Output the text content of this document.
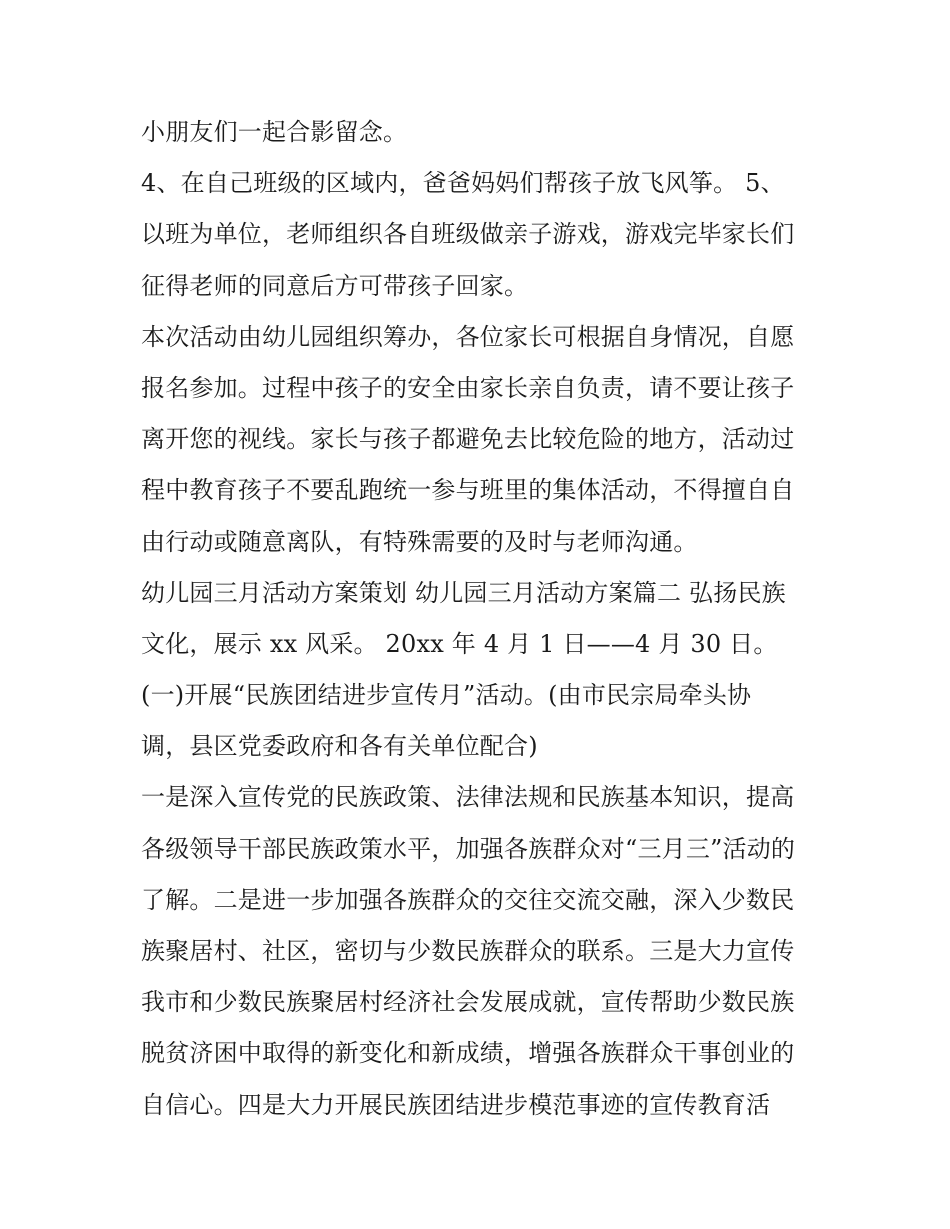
小朋友们一起合影留念。
4、在自己班级的区域内，爸爸妈妈们帮孩子放飞风筝。 5、
以班为单位，老师组织各自班级做亲子游戏，游戏完毕家长们
征得老师的同意后方可带孩子回家。
本次活动由幼儿园组织筹办，各位家长可根据自身情况，自愿
报名参加。过程中孩子的安全由家长亲自负责，请不要让孩子
离开您的视线。家长与孩子都避免去比较危险的地方，活动过
程中教育孩子不要乱跑统一参与班里的集体活动，不得擅自自
由行动或随意离队，有特殊需要的及时与老师沟通。
幼儿园三月活动方案策划 幼儿园三月活动方案篇二 弘扬民族
文化，展示 xx 风采。 20xx 年 4 月 1 日——4 月 30 日。
(一)开展“民族团结进步宣传月”活动。(由市民宗局牵头协
调，县区党委政府和各有关单位配合)
一是深入宣传党的民族政策、法律法规和民族基本知识，提高
各级领导干部民族政策水平，加强各族群众对“三月三”活动的
了解。二是进一步加强各族群众的交往交流交融，深入少数民
族聚居村、社区，密切与少数民族群众的联系。三是大力宣传
我市和少数民族聚居村经济社会发展成就，宣传帮助少数民族
脱贫济困中取得的新变化和新成绩，增强各族群众干事创业的
自信心。四是大力开展民族团结进步模范事迹的宣传教育活
